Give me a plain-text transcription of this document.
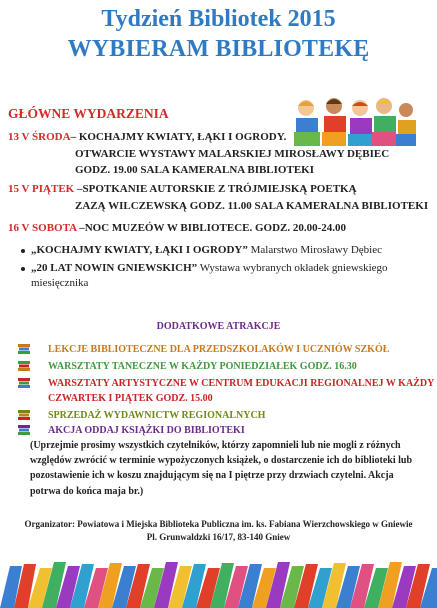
Tydzień Bibliotek 2015
WYBIERAM BIBLIOTEKĘ
GŁÓWNE WYDARZENIA
13 V ŚRODA– KOCHAJMY KWIATY, ŁĄKI I OGRODY.
OTWARCIE WYSTAWY MALARSKIEJ MIROSŁAWY DĘBIEC
GODZ. 19.00 SALA KAMERALNA BIBLIOTEKI
15 V PIĄTEK –SPOTKANIE AUTORSKIE Z TRÓJMIEJSKĄ POETKĄ
ZAZĄ WILCZEWSKĄ GODZ. 11.00 SALA KAMERALNA BIBLIOTEKI
16 V SOBOTA –NOC MUZEÓW W BIBLIOTECE. GODZ. 20.00-24.00
„KOCHAJMY KWIATY, ŁĄKI I OGRODY” Malarstwo Mirosławy Dębiec
„20 LAT NOWIN GNIEWSKICH” Wystawa wybranych okładek gniewskiego
miesięcznika
DODATKOWE ATRAKCJE
LEKCJE BIBLIOTECZNE DLA PRZEDSZKOLAKÓW I UCZNIÓW SZKÓŁ
WARSZTATY TANECZNE W KAŻDY PONIEDZIAŁEK GODZ. 16.30
WARSZTATY ARTYSTYCZNE W CENTRUM EDUKACJI REGIONALNEJ W KAŻDY
CZWARTEK I PIĄTEK GODZ. 15.00
SPRZEDAŻ WYDAWNICTW REGIONALNYCH
AKCJA ODDAJ KSIĄŻKI DO BIBLIOTEKI
(Uprzejmie prosimy wszystkich czytelników, którzy zapomnieli lub nie mogli z różnych względów zwrócić w terminie wypożyczonych książek, o dostarczenie ich do biblioteki lub pozostawienie ich w koszu znajdującym się na I piętrze przy drzwiach czytelni. Akcja potrwa do końca maja br.)
Organizator: Powiatowa i Miejska Biblioteka Publiczna im. ks. Fabiana Wierzchowskiego w Gniewie
Pl. Grunwaldzki 16/17, 83-140 Gniew
